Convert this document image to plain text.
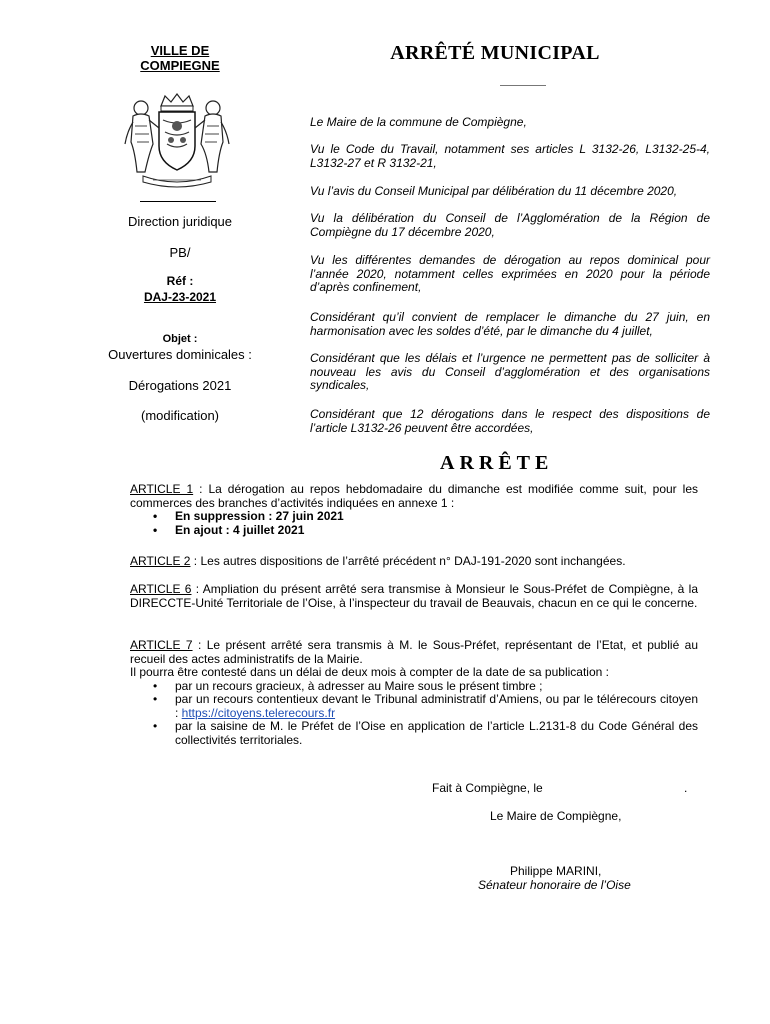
VILLE DE
COMPIEGNE
Direction juridique
PB/
Réf :
DAJ-23-2021
Objet :
Ouvertures dominicales :
Dérogations 2021
(modification)
ARRÊTÉ MUNICIPAL
Le Maire de la commune de Compiègne,
Vu le Code du Travail, notamment ses articles L 3132-26, L3132-25-4, L3132-27 et R 3132-21,
Vu l’avis du Conseil Municipal par délibération du 11 décembre 2020,
Vu la délibération du Conseil de l’Agglomération de la Région de Compiègne du 17 décembre 2020,
Vu les différentes demandes de dérogation au repos dominical pour l’année 2020, notamment celles exprimées en 2020 pour la période d’après confinement,
Considérant qu’il convient de remplacer le dimanche du 27 juin, en harmonisation avec les soldes d’été, par le dimanche du 4 juillet,
Considérant que les délais et l’urgence ne permettent pas de solliciter à nouveau les avis du Conseil d’agglomération et des organisations syndicales,
Considérant que 12 dérogations dans le respect des dispositions de l’article L3132-26 peuvent être accordées,
ARRÊTE
ARTICLE 1 : La dérogation au repos hebdomadaire du dimanche est modifiée comme suit, pour les commerces des branches d’activités indiquées en annexe 1 :
• En suppression : 27 juin 2021
• En ajout : 4 juillet 2021
ARTICLE 2 : Les autres dispositions de l’arrêté précédent n° DAJ-191-2020 sont inchangées.
ARTICLE 6 : Ampliation du présent arrêté sera transmise à Monsieur le Sous-Préfet de Compiègne, à la DIRECCTE-Unité Territoriale de l’Oise, à l’inspecteur du travail de Beauvais, chacun en ce qui le concerne.
ARTICLE 7 : Le présent arrêté sera transmis à M. le Sous-Préfet, représentant de l’Etat, et publié au recueil des actes administratifs de la Mairie.
Il pourra être contesté dans un délai de deux mois à compter de la date de sa publication :
• par un recours gracieux, à adresser au Maire sous le présent timbre ;
• par un recours contentieux devant le Tribunal administratif d’Amiens, ou par le télérecours citoyen : https://citoyens.telerecours.fr
• par la saisine de M. le Préfet de l’Oise en application de l’article L.2131-8 du Code Général des collectivités territoriales.
Fait à Compiègne, le	.
Le Maire de Compiègne,
Philippe MARINI,
Sénateur honoraire de l’Oise
